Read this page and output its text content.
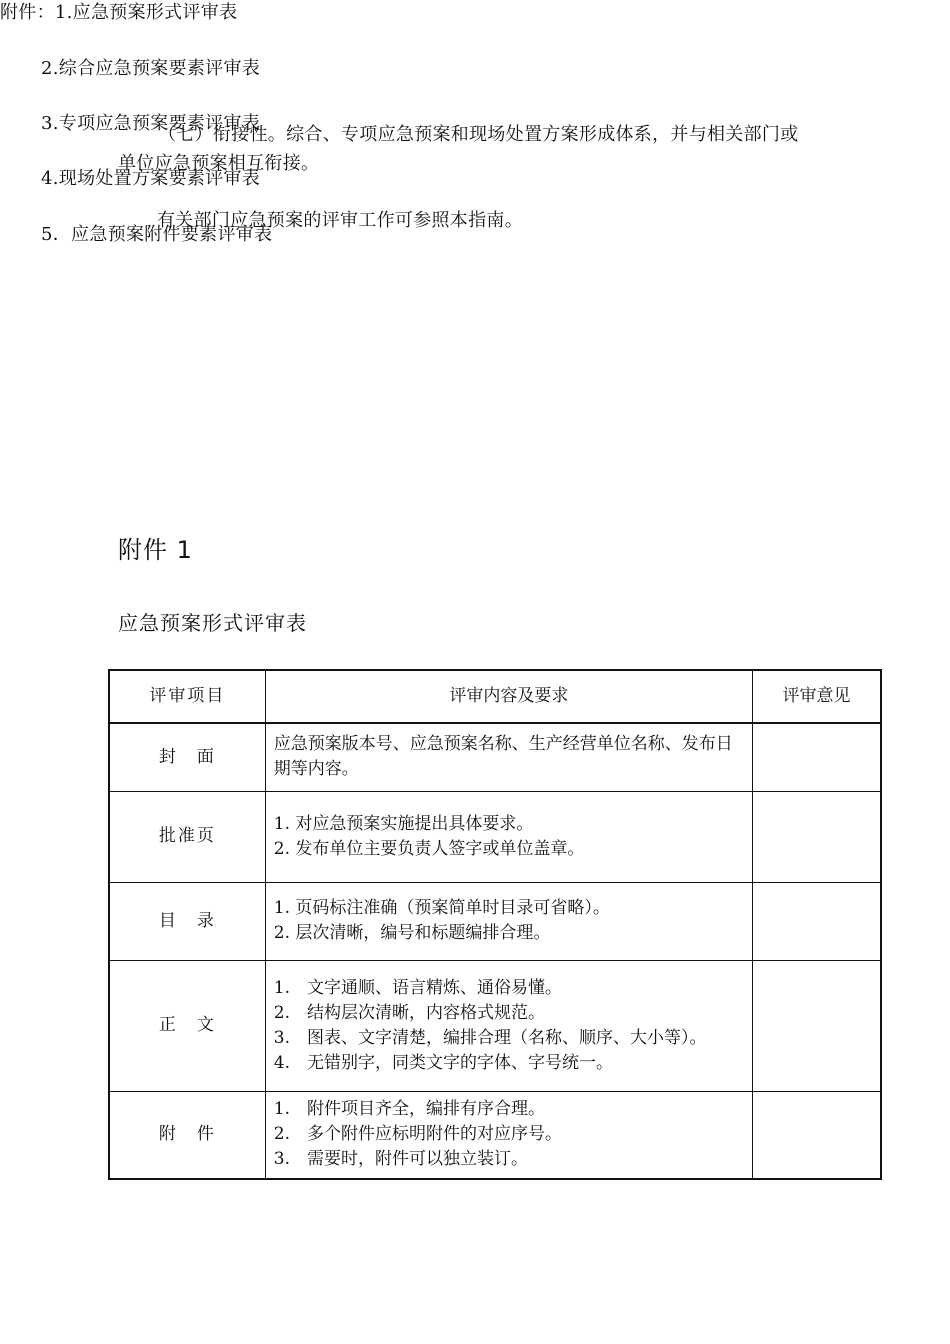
（七）衔接性。综合、专项应急预案和现场处置方案形成体系，并与相关部门或
单位应急预案相互衔接。

有关部门应急预案的评审工作可参照本指南。

附件：1.应急预案形式评审表

2.综合应急预案要素评审表

3.专项应急预案要素评审表

4.现场处置方案要素评审表

5．应急预案附件要素评审表

附件 1
应急预案形式评审表
评审项目	评审内容及要求	评审意见
封　面	应急预案版本号、应急预案名称、生产经营单位名称、发布日期等内容。	

批准页	1. 对应急预案实施提出具体要求。
2. 发布单位主要负责人签字或单位盖章。	

目　录	1. 页码标注准确（预案简单时目录可省略）。
2. 层次清晰，编号和标题编排合理。	

正　文	1.　文字通顺、语言精炼、通俗易懂。
2.　结构层次清晰，内容格式规范。
3.　图表、文字清楚，编排合理（名称、顺序、大小等）。
4.　无错别字，同类文字的字体、字号统一。	

附　件	1.　附件项目齐全，编排有序合理。
2.　多个附件应标明附件的对应序号。
3.　需要时，附件可以独立装订。	
